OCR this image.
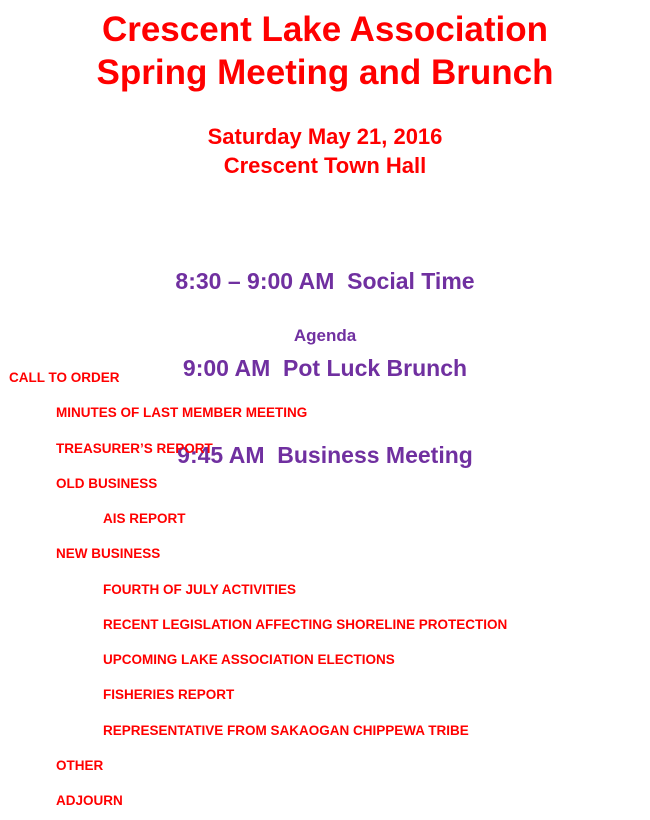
Crescent Lake Association
Spring Meeting and Brunch
Saturday May 21, 2016
Crescent Town Hall

8:30 – 9:00 AM  Social Time

9:00 AM  Pot Luck Brunch

9:45 AM  Business Meeting

Agenda
CALL TO ORDER
MINUTES OF LAST MEMBER MEETING
TREASURER’S REPORT
OLD BUSINESS
AIS REPORT
NEW BUSINESS
FOURTH OF JULY ACTIVITIES
RECENT LEGISLATION AFFECTING SHORELINE PROTECTION
UPCOMING LAKE ASSOCIATION ELECTIONS
FISHERIES REPORT
REPRESENTATIVE FROM SAKAOGAN CHIPPEWA TRIBE
OTHER
ADJOURN
